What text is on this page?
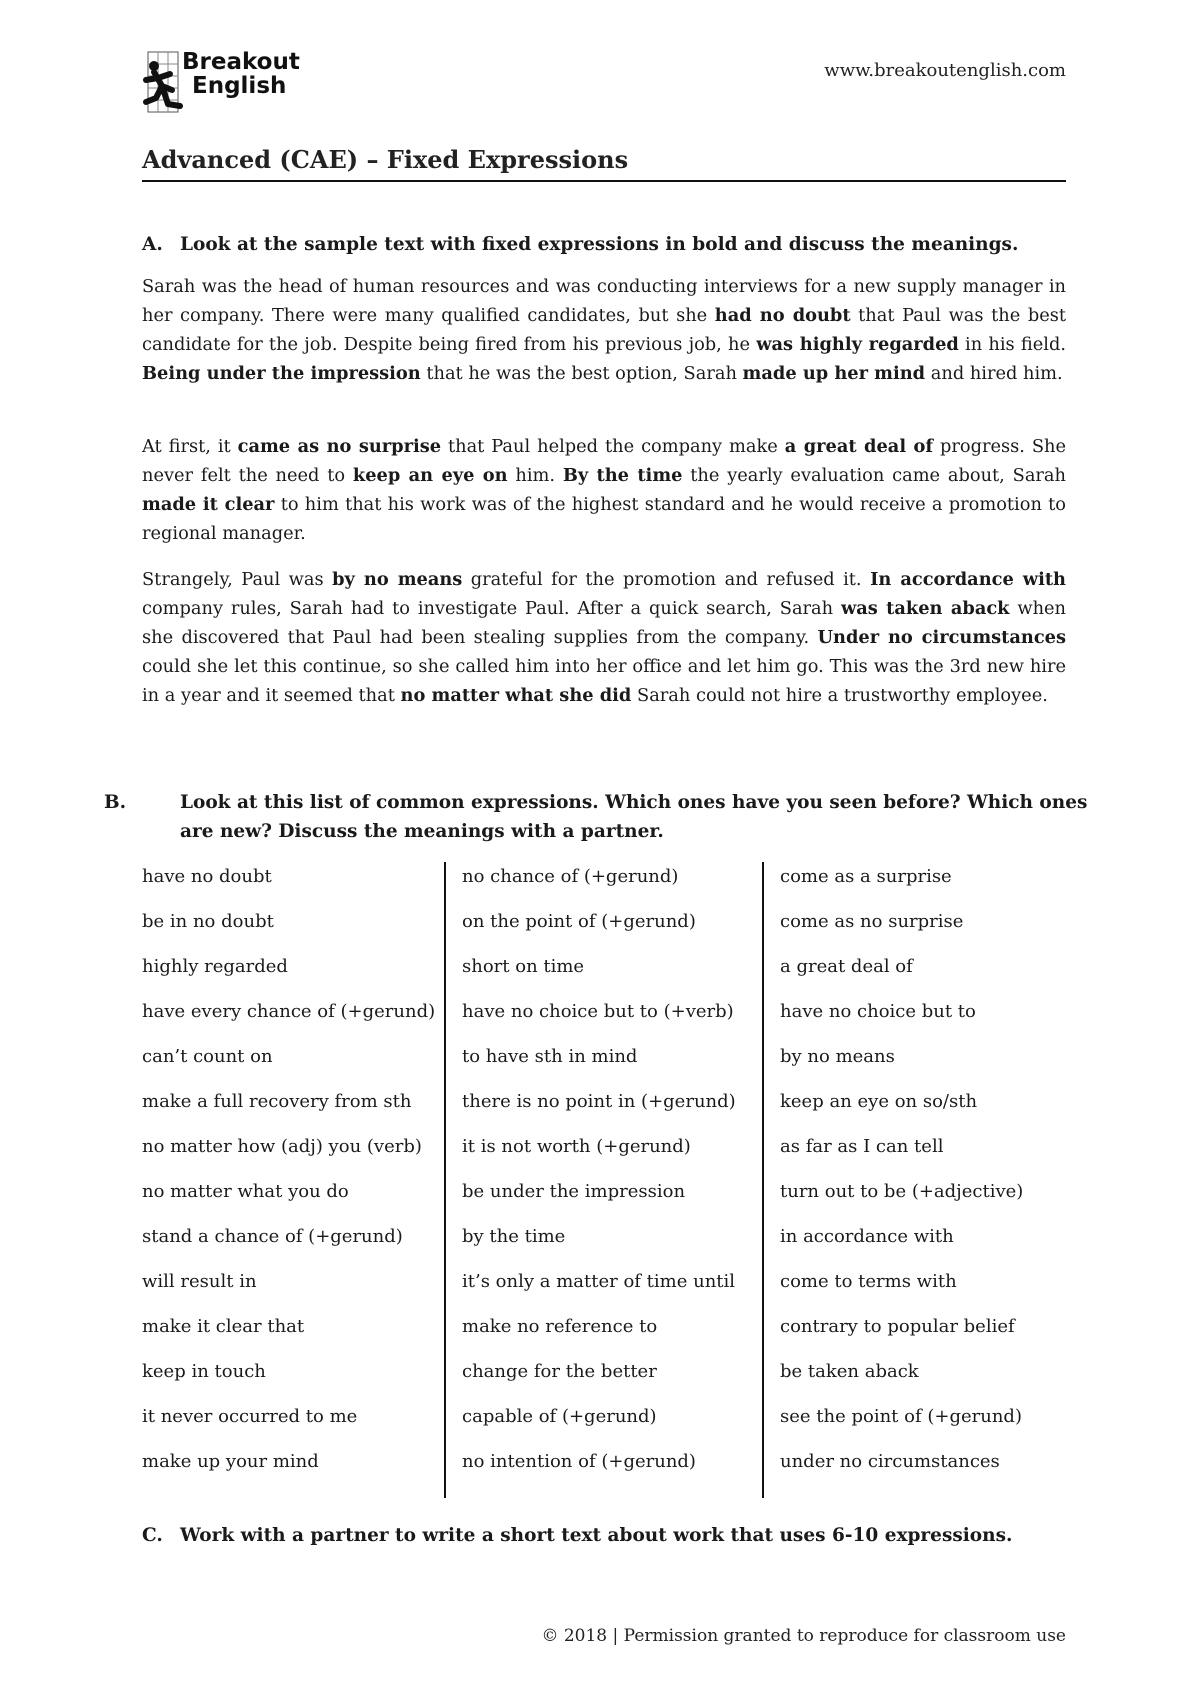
Breakout
English
www.breakoutenglish.com
Advanced (CAE) – Fixed Expressions
A. Look at the sample text with fixed expressions in bold and discuss the meanings.

Sarah was the head of human resources and was conducting interviews for a new supply manager in her company. There were many qualified candidates, but she had no doubt that Paul was the best candidate for the job. Despite being fired from his previous job, he was highly regarded in his field. Being under the impression that he was the best option, Sarah made up her mind and hired him.

At first, it came as no surprise that Paul helped the company make a great deal of progress. She never felt the need to keep an eye on him. By the time the yearly evaluation came about, Sarah made it clear to him that his work was of the highest standard and he would receive a promotion to regional manager.

Strangely, Paul was by no means grateful for the promotion and refused it. In accordance with company rules, Sarah had to investigate Paul. After a quick search, Sarah was taken aback when she discovered that Paul had been stealing supplies from the company. Under no circumstances could she let this continue, so she called him into her office and let him go. This was the 3rd new hire in a year and it seemed that no matter what she did Sarah could not hire a trustworthy employee.

B.	Look at this list of common expressions. Which ones have you seen before? Which ones are new? Discuss the meanings with a partner.
have no doubt
be in no doubt
highly regarded
have every chance of (+gerund)
can’t count on
make a full recovery from sth
no matter how (adj) you (verb)
no matter what you do
stand a chance of (+gerund)
will result in
make it clear that
keep in touch
it never occurred to me
make up your mind
no chance of (+gerund)
on the point of (+gerund)
short on time
have no choice but to (+verb)
to have sth in mind
there is no point in (+gerund)
it is not worth (+gerund)
be under the impression
by the time
it’s only a matter of time until
make no reference to
change for the better
capable of (+gerund)
no intention of (+gerund)
come as a surprise
come as no surprise
a great deal of
have no choice but to
by no means
keep an eye on so/sth
as far as I can tell
turn out to be (+adjective)
in accordance with
come to terms with
contrary to popular belief
be taken aback
see the point of (+gerund)
under no circumstances
C. Work with a partner to write a short text about work that uses 6-10 expressions.
© 2018 | Permission granted to reproduce for classroom use
